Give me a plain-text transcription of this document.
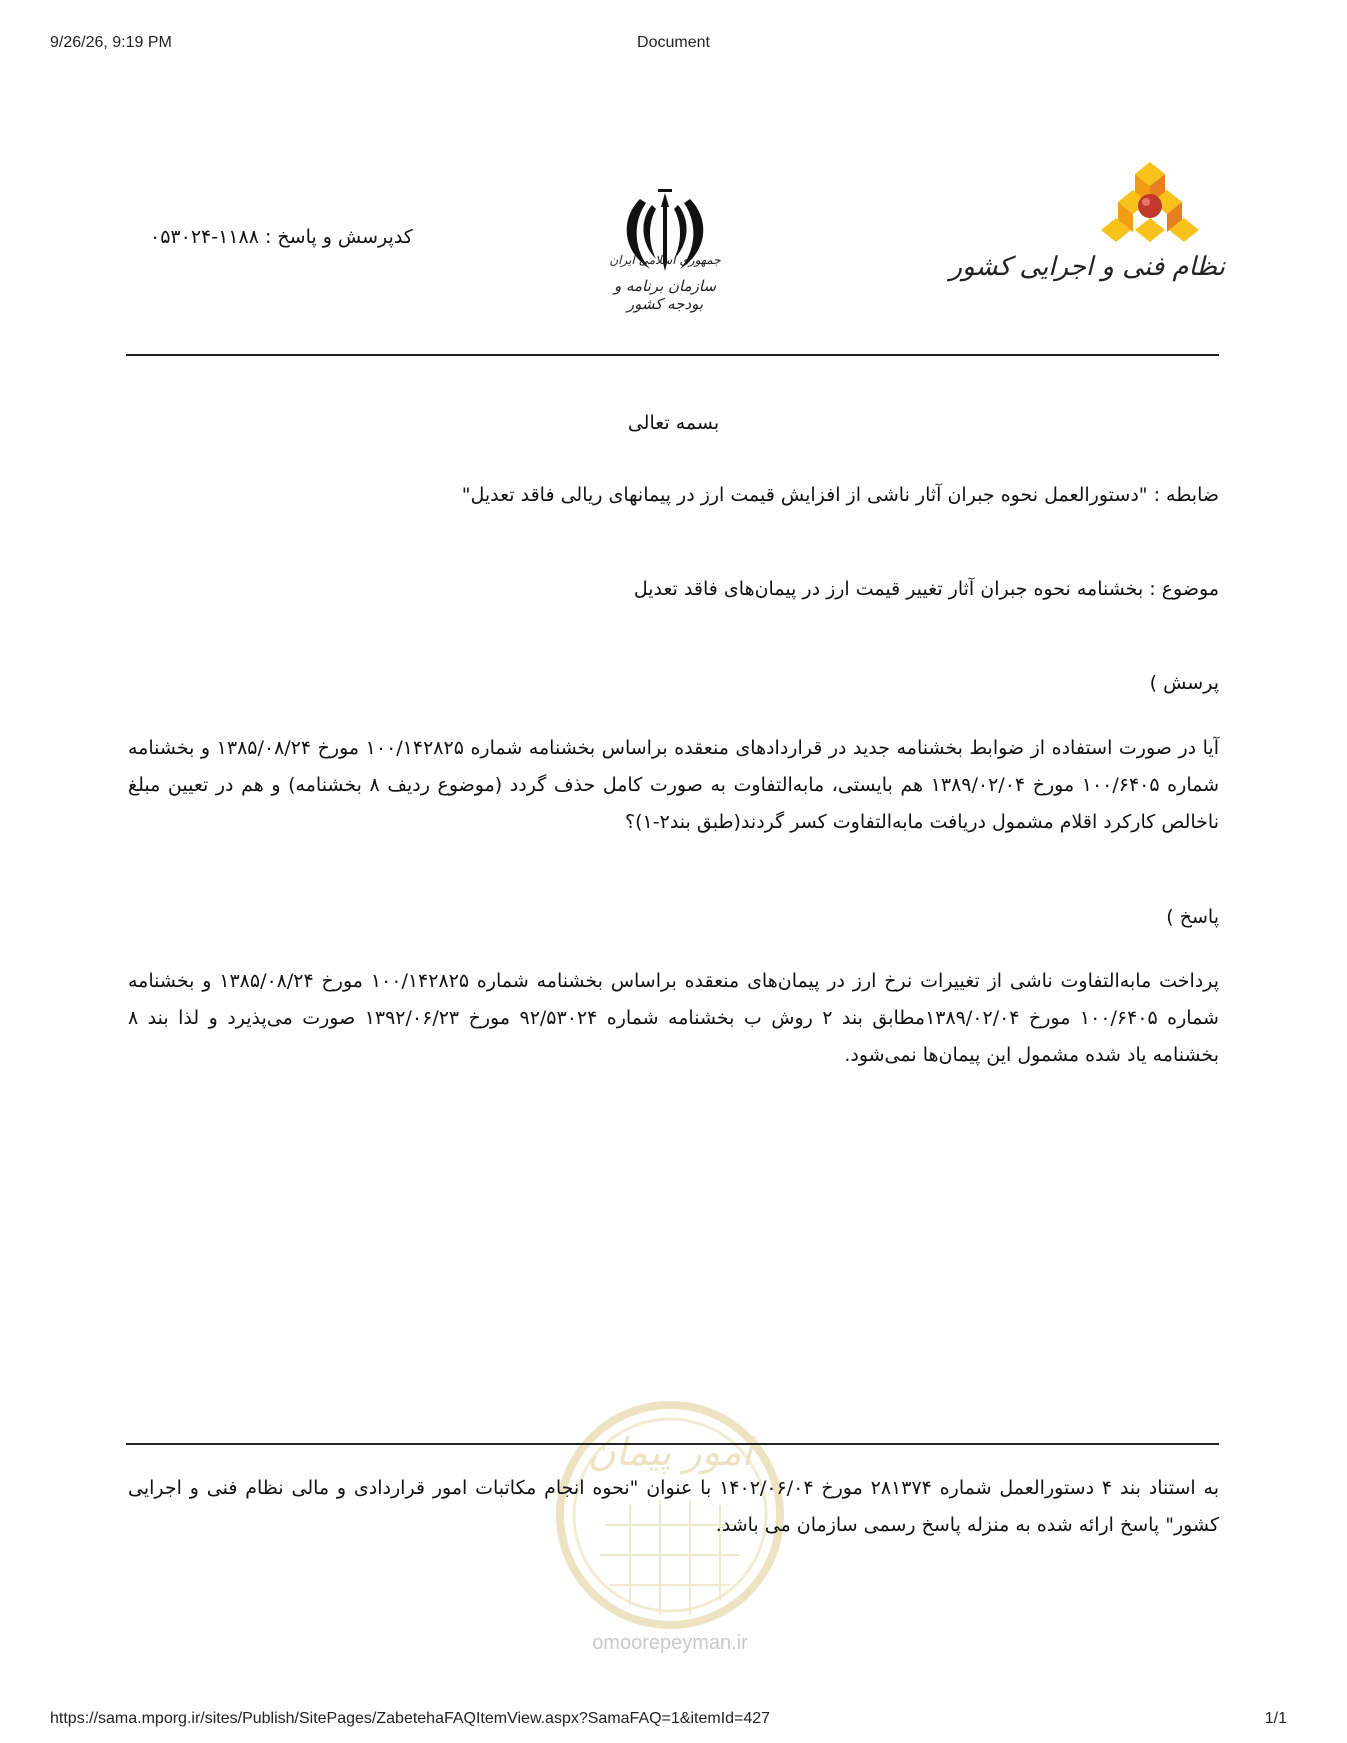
9/26/26, 9:19 PM	Document
کدپرسش و پاسخ : ۱۱۸۸-۰۵۳۰۲۴
جمهوری اسلامی ایران
سازمان برنامه و بودجه کشور
نظام فنی و اجرایی کشور
بسمه تعالی
ضابطه : "دستورالعمل نحوه جبران آثار ناشی از افزایش قیمت ارز در پیمانهای ریالی فاقد تعدیل"
موضوع : بخشنامه نحوه جبران آثار تغییر قیمت ارز در پیمان‌های فاقد تعدیل
پرسش )
آیا در صورت استفاده از ضوابط بخشنامه جدید در قراردادهای منعقده براساس بخشنامه شماره ۱۰۰/۱۴۲۸۲۵ مورخ ۱۳۸۵/۰۸/۲۴ و بخشنامه شماره ۱۰۰/۶۴۰۵ مورخ ۱۳۸۹/۰۲/۰۴ هم بایستی، مابه‌التفاوت به صورت کامل حذف گردد (موضوع ردیف ۸ بخشنامه) و هم در تعیین مبلغ ناخالص کارکرد اقلام مشمول دریافت مابه‌التفاوت کسر گردند(طبق بند۲-۱)؟
پاسخ )
پرداخت مابه‌التفاوت ناشی از تغییرات نرخ ارز در پیمان‌های منعقده براساس بخشنامه شماره ۱۰۰/۱۴۲۸۲۵ مورخ ۱۳۸۵/۰۸/۲۴ و بخشنامه شماره ۱۰۰/۶۴۰۵ مورخ ۱۳۸۹/۰۲/۰۴مطابق بند ۲ روش ب بخشنامه شماره ۹۲/۵۳۰۲۴ مورخ ۱۳۹۲/۰۶/۲۳ صورت می‌پذیرد و لذا بند ۸ بخشنامه یاد شده مشمول این پیمان‌ها نمی‌شود.
امور پیمان
omoorepeyman.ir
به استناد بند ۴ دستورالعمل شماره ۲۸۱۳۷۴ مورخ ۱۴۰۲/۰۶/۰۴ با عنوان "نحوه انجام مکاتبات امور قراردادی و مالی نظام فنی و اجرایی کشور" پاسخ ارائه شده به منزله پاسخ رسمی سازمان می باشد.
https://sama.mporg.ir/sites/Publish/SitePages/ZabetehaFAQItemView.aspx?SamaFAQ=1&itemId=427	1/1
